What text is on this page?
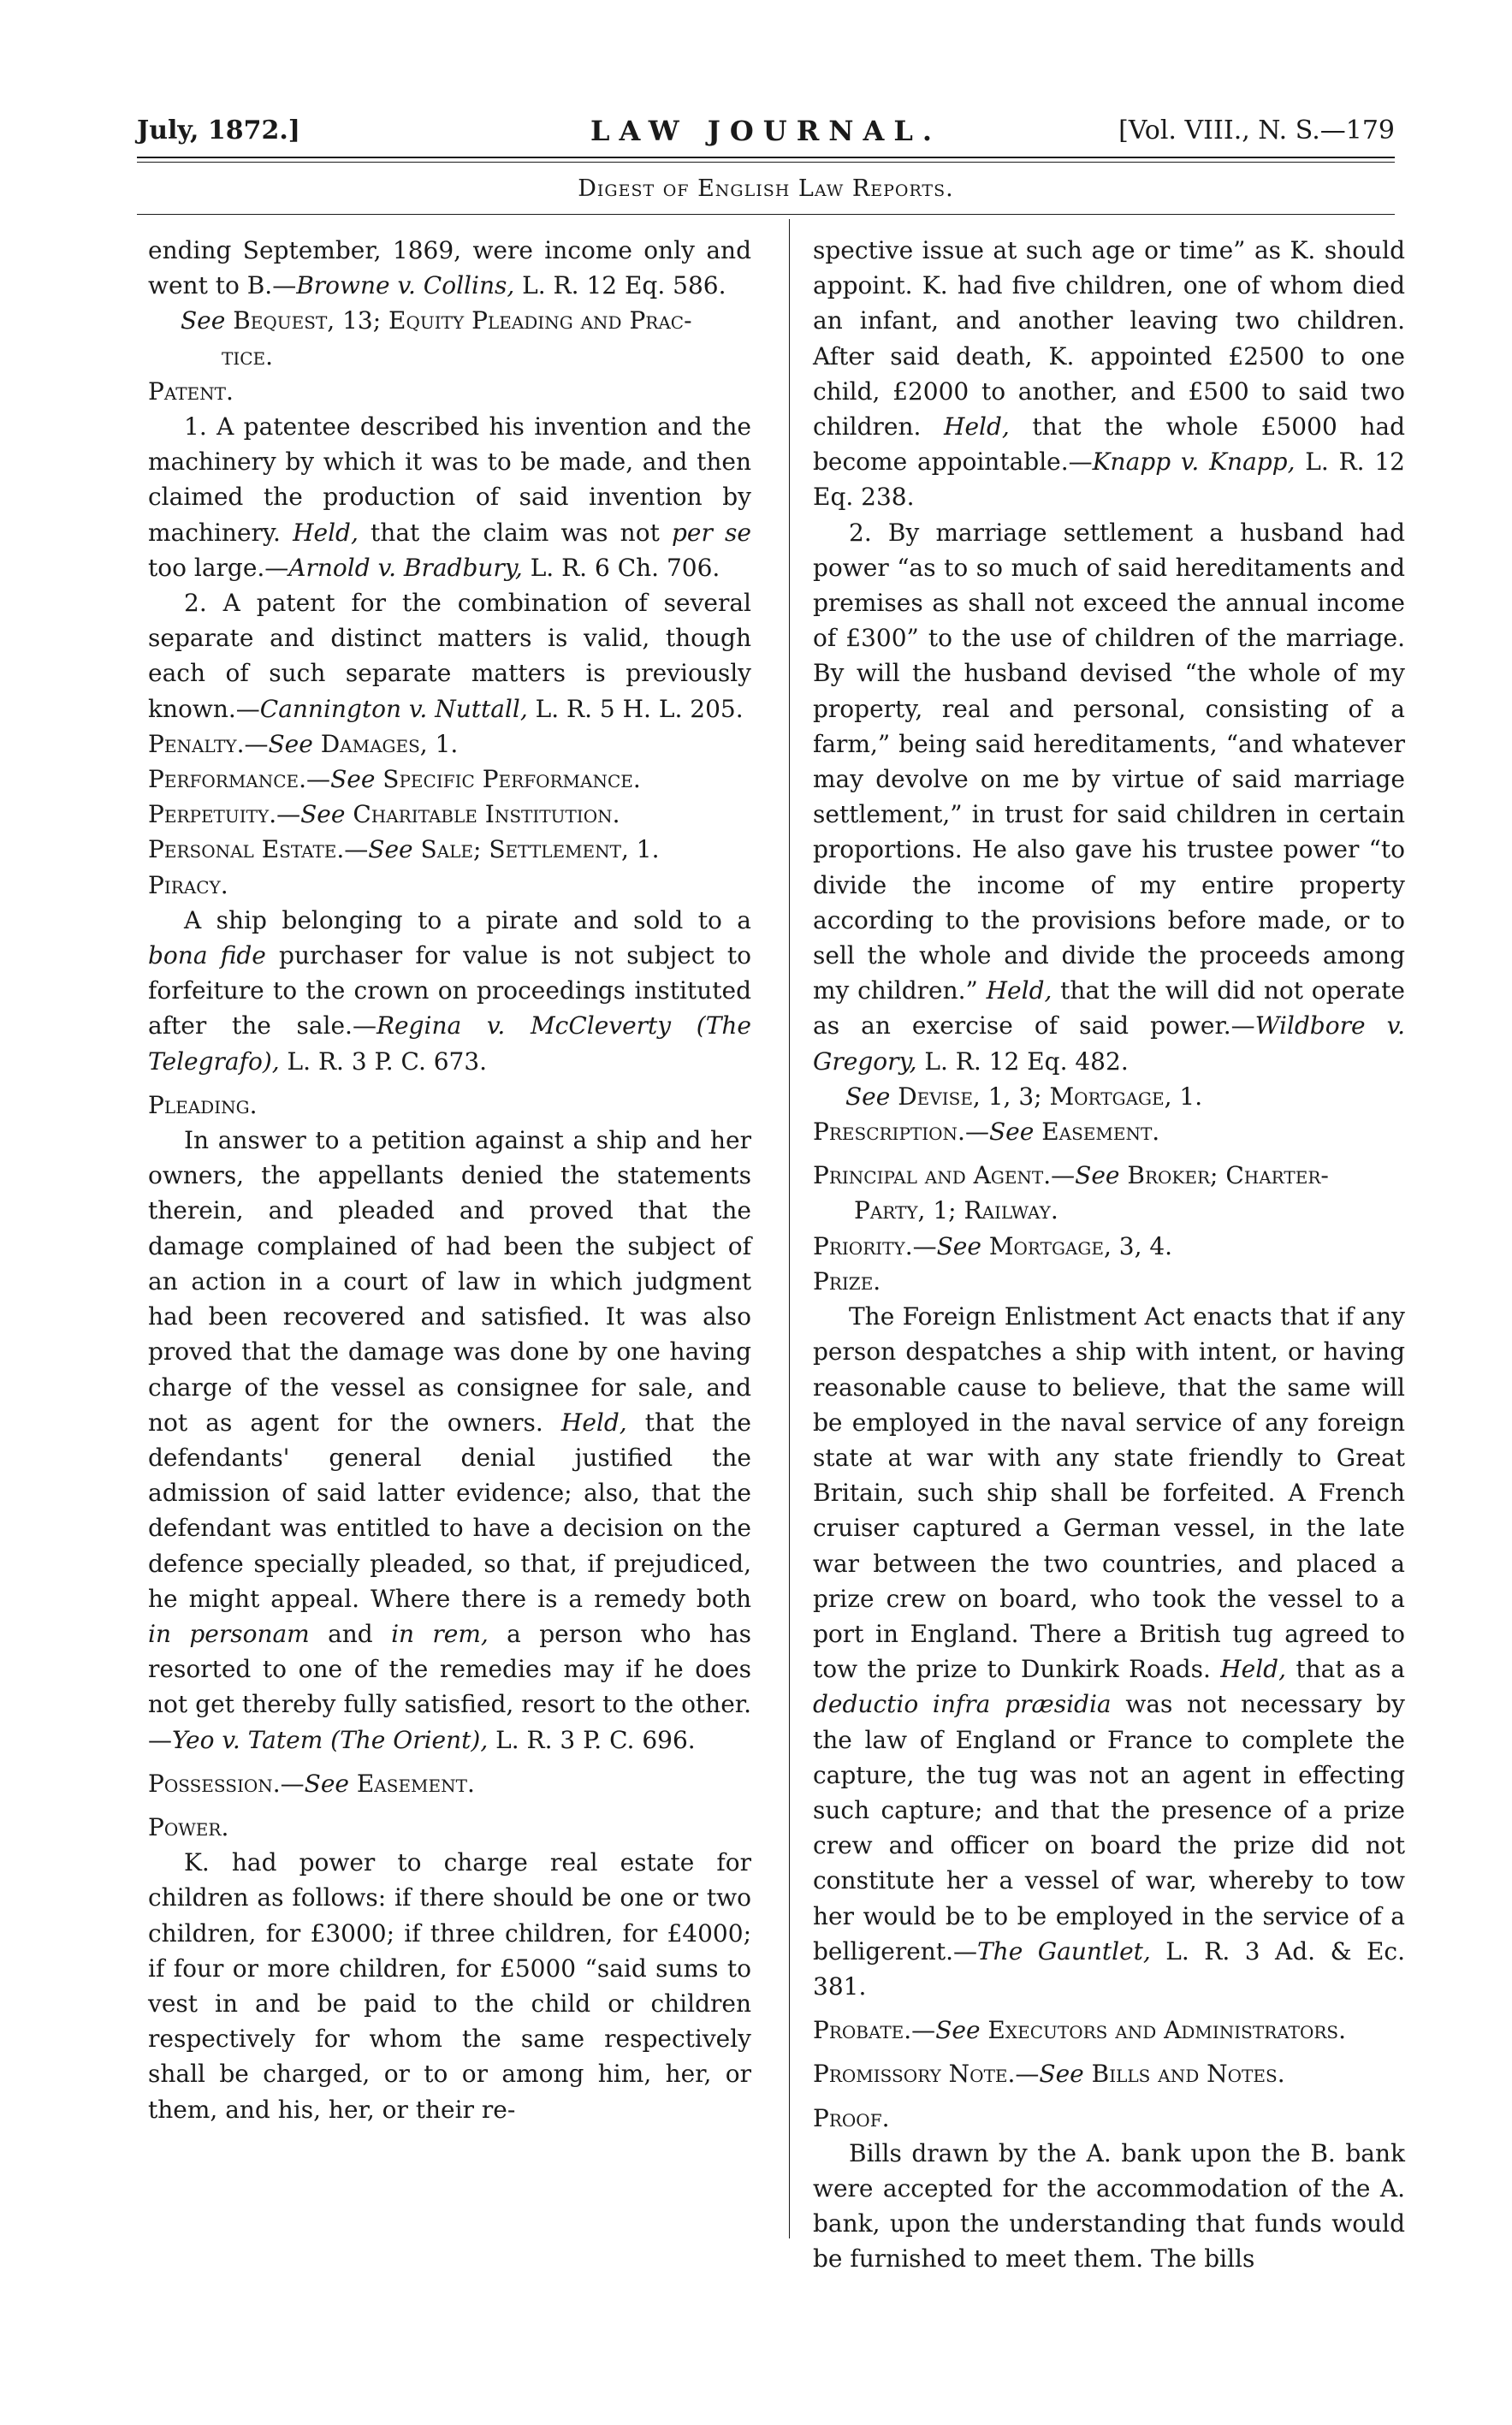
July, 1872.]	LAW JOURNAL.	[Vol. VIII., N. S.—179
Digest of English Law Reports.

ending September, 1869, were income only and went to B.—Browne v. Collins, L. R. 12 Eq. 586.

See Bequest, 13; Equity Pleading and Prac-
tice.

Patent.

1. A patentee described his invention and the machinery by which it was to be made, and then claimed the production of said invention by machinery. Held, that the claim was not per se too large.—Arnold v. Bradbury, L. R. 6 Ch. 706.

2. A patent for the combination of several separate and distinct matters is valid, though each of such separate matters is previously known.—Cannington v. Nuttall, L. R. 5 H. L. 205.

Penalty.—See Damages, 1.

Performance.—See Specific Performance.

Perpetuity.—See Charitable Institution.

Personal Estate.—See Sale; Settlement, 1.

Piracy.

A ship belonging to a pirate and sold to a bona fide purchaser for value is not subject to forfeiture to the crown on proceedings instituted after the sale.—Regina v. McCleverty (The Telegrafo), L. R. 3 P. C. 673.

Pleading.

In answer to a petition against a ship and her owners, the appellants denied the statements therein, and pleaded and proved that the damage complained of had been the subject of an action in a court of law in which judgment had been recovered and satisfied. It was also proved that the damage was done by one having charge of the vessel as consignee for sale, and not as agent for the owners. Held, that the defendants' general denial justified the admission of said latter evidence; also, that the defendant was entitled to have a decision on the defence specially pleaded, so that, if prejudiced, he might appeal. Where there is a remedy both in personam and in rem, a person who has resorted to one of the remedies may if he does not get thereby fully satisfied, resort to the other.—Yeo v. Tatem (The Orient), L. R. 3 P. C. 696.

Possession.—See Easement.

Power.

K. had power to charge real estate for children as follows: if there should be one or two children, for £3000; if three children, for £4000; if four or more children, for £5000 “said sums to vest in and be paid to the child or children respectively for whom the same respectively shall be charged, or to or among him, her, or them, and his, her, or their re-

spective issue at such age or time” as K. should appoint. K. had five children, one of whom died an infant, and another leaving two children. After said death, K. appointed £2500 to one child, £2000 to another, and £500 to said two children. Held, that the whole £5000 had become appointable.—Knapp v. Knapp, L. R. 12 Eq. 238.

2. By marriage settlement a husband had power “as to so much of said hereditaments and premises as shall not exceed the annual income of £300” to the use of children of the marriage. By will the husband devised “the whole of my property, real and personal, consisting of a farm,” being said hereditaments, “and whatever may devolve on me by virtue of said marriage settlement,” in trust for said children in certain proportions. He also gave his trustee power “to divide the income of my entire property according to the provisions before made, or to sell the whole and divide the proceeds among my children.” Held, that the will did not operate as an exercise of said power.—Wildbore v. Gregory, L. R. 12 Eq. 482.

See Devise, 1, 3; Mortgage, 1.

Prescription.—See Easement.

Principal and Agent.—See Broker; Charter-
Party, 1; Railway.

Priority.—See Mortgage, 3, 4.

Prize.

The Foreign Enlistment Act enacts that if any person despatches a ship with intent, or having reasonable cause to believe, that the same will be employed in the naval service of any foreign state at war with any state friendly to Great Britain, such ship shall be forfeited. A French cruiser captured a German vessel, in the late war between the two countries, and placed a prize crew on board, who took the vessel to a port in England. There a British tug agreed to tow the prize to Dunkirk Roads. Held, that as a deductio infra præsidia was not necessary by the law of England or France to complete the capture, the tug was not an agent in effecting such capture; and that the presence of a prize crew and officer on board the prize did not constitute her a vessel of war, whereby to tow her would be to be employed in the service of a belligerent.—The Gauntlet, L. R. 3 Ad. & Ec. 381.

Probate.—See Executors and Administrators.

Promissory Note.—See Bills and Notes.

Proof.

Bills drawn by the A. bank upon the B. bank were accepted for the accommodation of the A. bank, upon the understanding that funds would be furnished to meet them. The bills
